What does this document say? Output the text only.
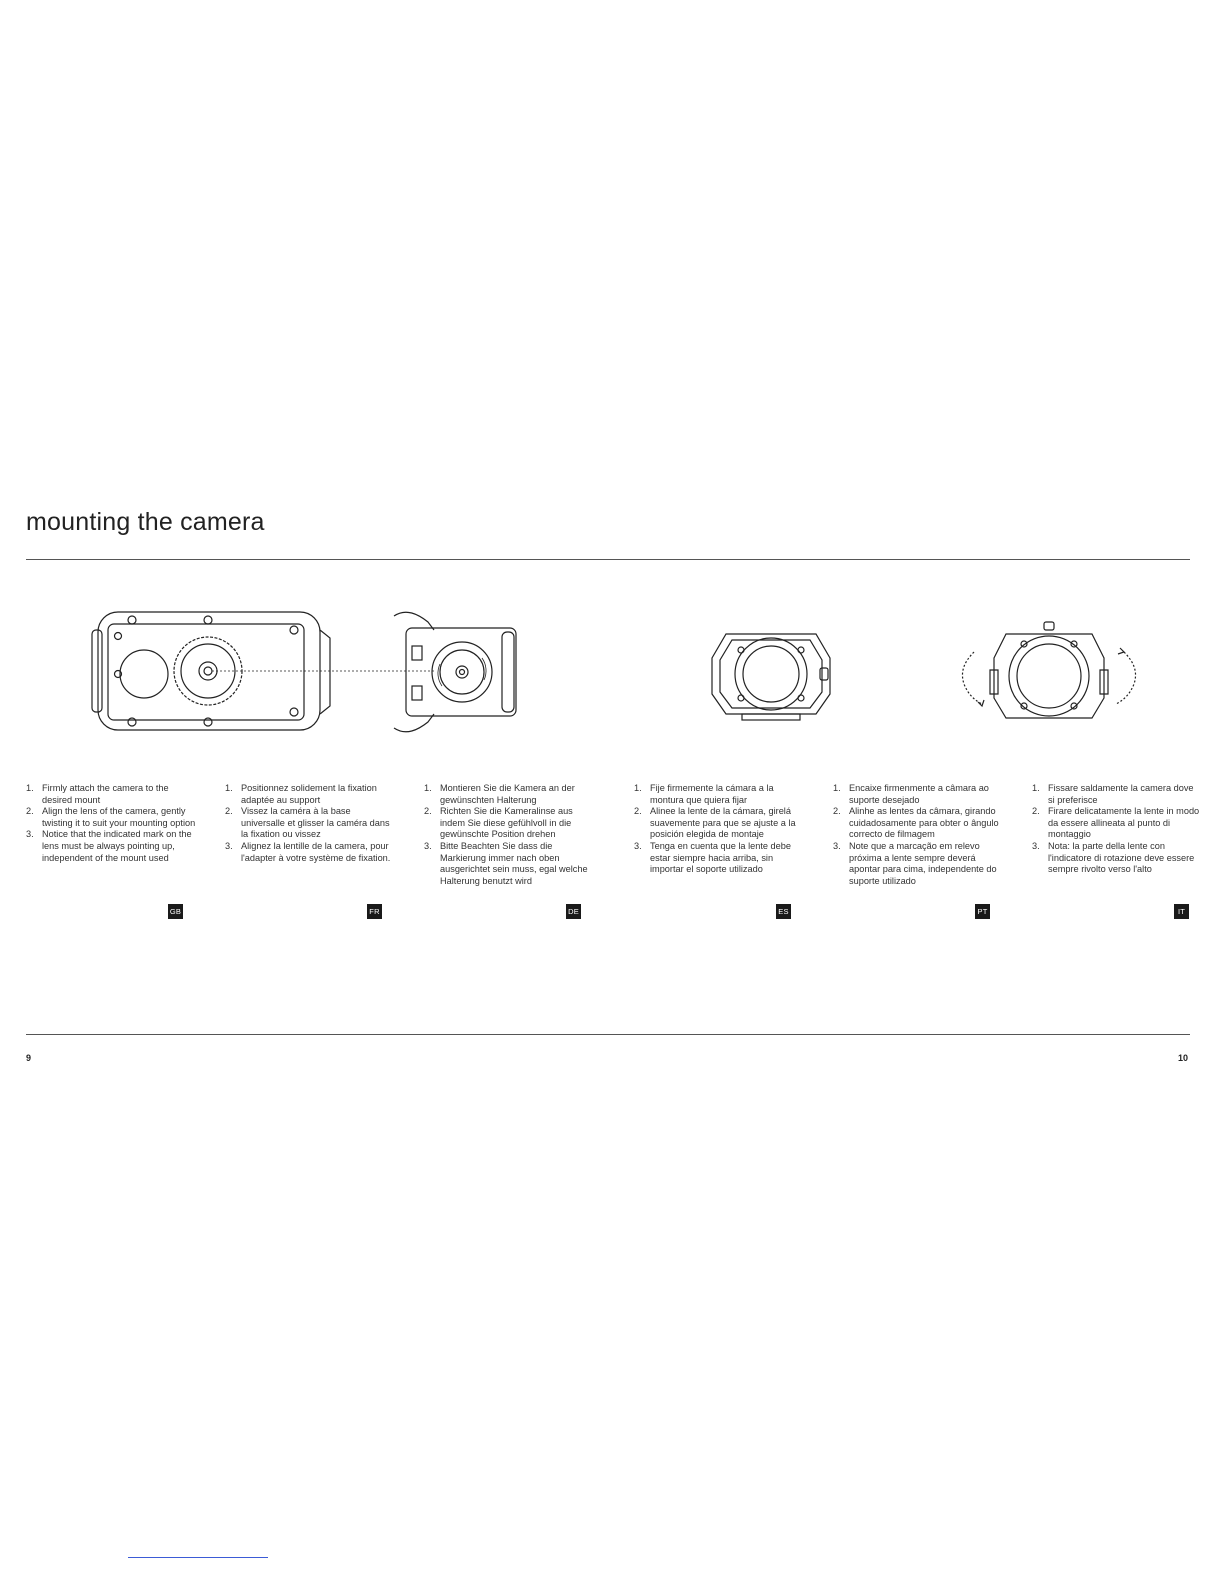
mounting the camera
1. Firmly attach the camera to the desired mount
2. Align the lens of the camera, gently twisting it to suit your mounting option
3. Notice that the indicated mark on the lens must be always pointing up, independent of the mount used
GB
1. Positionnez solidement la fixation adaptée au support
2. Vissez la caméra à la base universalle et glisser la caméra dans la fixation ou vissez
3. Alignez la lentille de la camera, pour l'adapter à votre système de fixation.
FR
1. Montieren Sie die Kamera an der gewünschten Halterung
2. Richten Sie die Kameralinse aus indem Sie diese gefühlvoll in die gewünschte Position drehen
3. Bitte Beachten Sie dass die Markierung immer nach oben ausgerichtet sein muss, egal welche Halterung benutzt wird
DE
1. Fije firmemente la cámara a la montura que quiera fijar
2. Alinee la lente de la cámara, girelá suavemente para que se ajuste a la posición elegida de montaje
3. Tenga en cuenta que la lente debe estar siempre hacia arriba, sin importar el soporte utilizado
ES
1. Encaixe firmenmente a câmara ao suporte desejado
2. Alinhe as lentes da câmara, girando cuidadosamente para obter o ângulo correcto de filmagem
3. Note que a marcação em relevo próxima a lente sempre deverá apontar para cima, independente do suporte utilizado
PT
1. Fissare saldamente la camera dove si preferisce
2. Firare delicatamente la lente in modo da essere allineata al punto di montaggio
3. Nota: la parte della lente con l'indicatore di rotazione deve essere sempre rivolto verso l'alto
IT
9	10
